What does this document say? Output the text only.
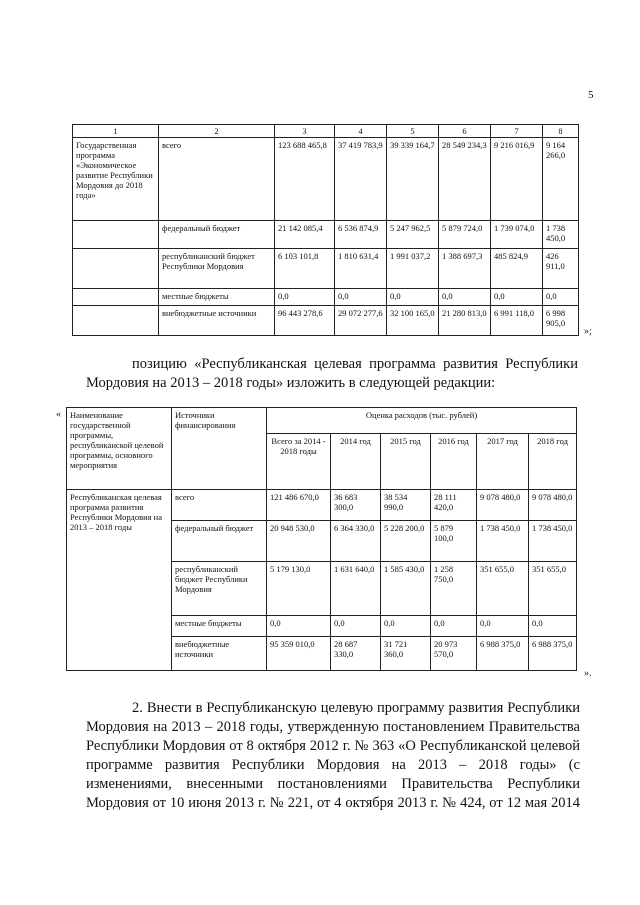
5
1	2	3	4	5	6	7	8
Государственная программа «Экономическое развитие Республики Мордовия до 2018 года»	всего	123 688 465,8	37 419 783,9	39 339 164,7	28 549 234,3	9 216 016,9	9 164 266,0
	федеральный бюджет	21 142 085,4	6 536 874,9	5 247 962,5	5 879 724,0	1 739 074,0	1 738 450,0
	республиканский бюджет Республики Мордовия	6 103 101,8	1 810 631,4	1 991 037,2	1 388 697,3	485 824,9	426 911,0
	местные бюджеты	0,0	0,0	0,0	0,0	0,0	0,0
	внебюджетные источники	96 443 278,6	29 072 277,6	32 100 165,0	21 280 813,0	6 991 118,0	6 998 905,0
»;
позицию «Республиканская целевая программа развития Республики
Мордовия на 2013 – 2018 годы» изложить в следующей редакции:
« Наименование государственной программы, республиканской целевой программы, основного мероприятия	Источники финансирования	Оценка расходов (тыс. рублей)					
		Всего за 2014 - 2018 годы	2014 год	2015 год	2016 год	2017 год	2018 год
Республиканская целевая программа развития Республики Мордовия на 2013 – 2018 годы	всего	121 486 670,0	36 683 300,0	38 534 990,0	28 111 420,0	9 078 480,0	9 078 480,0
	федеральный бюджет	20 948 530,0	6 364 330,0	5 228 200,0	5 879 100,0	1 738 450,0	1 738 450,0
	республиканский бюджет Республики Мордовия	5 179 130,0	1 631 640,0	1 585 430,0	1 258 750,0	351 655,0	351 655,0
	местные бюджеты	0,0	0,0	0,0	0,0	0,0	0,0
	внебюджетные источники	95 359 010,0	28 687 330,0	31 721 360,0	20 973 570,0	6 988 375,0	6 988 375,0
».
2. Внести в Республиканскую целевую программу развития Республики
Мордовия на 2013 – 2018 годы, утвержденную постановлением Правительства
Республики Мордовия от 8 октября 2012 г. № 363 «О Республиканской целевой
программе развития Республики Мордовия на 2013 – 2018 годы» (с
изменениями, внесенными постановлениями Правительства Республики
Мордовия от 10 июня 2013 г. № 221, от 4 октября 2013 г. № 424, от 12 мая 2014
